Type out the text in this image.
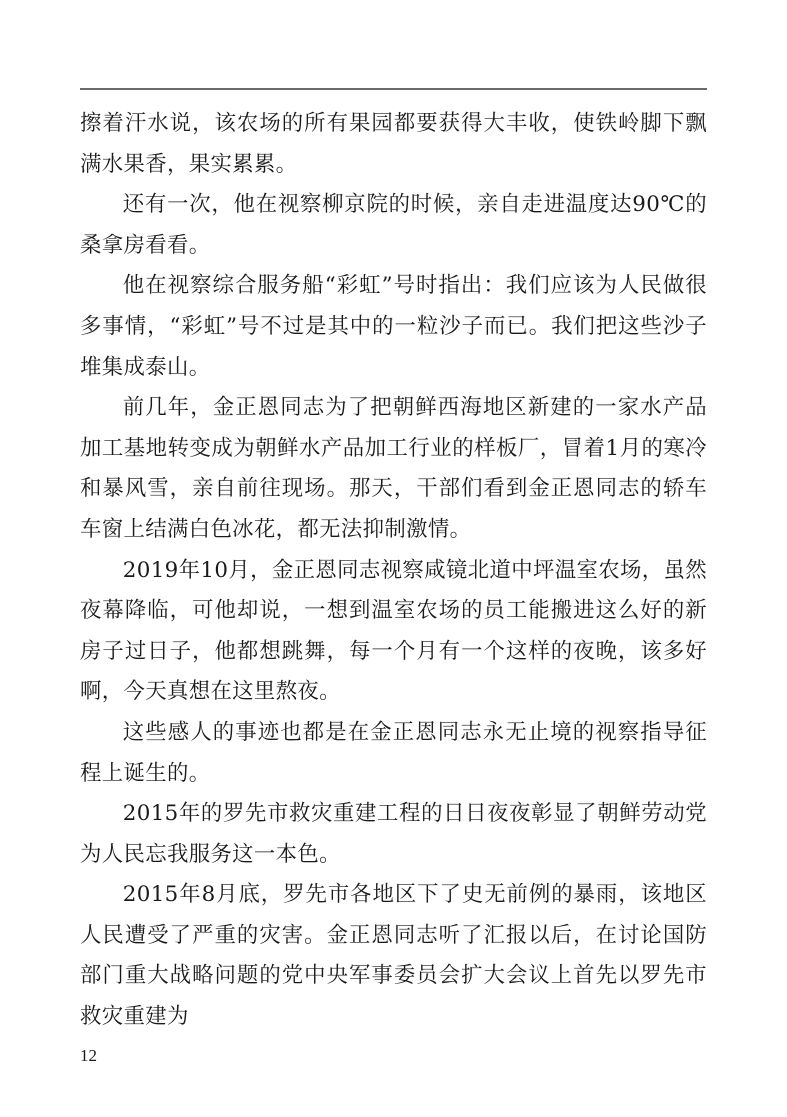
擦着汗水说，该农场的所有果园都要获得大丰收，使铁岭脚下飘满水果香，果实累累。

还有一次，他在视察柳京院的时候，亲自走进温度达90℃的桑拿房看看。

他在视察综合服务船“彩虹”号时指出：我们应该为人民做很多事情，“彩虹”号不过是其中的一粒沙子而已。我们把这些沙子堆集成泰山。

前几年，金正恩同志为了把朝鲜西海地区新建的一家水产品加工基地转变成为朝鲜水产品加工行业的样板厂，冒着1月的寒冷和暴风雪，亲自前往现场。那天，干部们看到金正恩同志的轿车车窗上结满白色冰花，都无法抑制激情。

2019年10月，金正恩同志视察咸镜北道中坪温室农场，虽然夜幕降临，可他却说，一想到温室农场的员工能搬进这么好的新房子过日子，他都想跳舞，每一个月有一个这样的夜晚，该多好啊，今天真想在这里熬夜。

这些感人的事迹也都是在金正恩同志永无止境的视察指导征程上诞生的。

2015年的罗先市救灾重建工程的日日夜夜彰显了朝鲜劳动党为人民忘我服务这一本色。

2015年8月底，罗先市各地区下了史无前例的暴雨，该地区人民遭受了严重的灾害。金正恩同志听了汇报以后，在讨论国防部门重大战略问题的党中央军事委员会扩大会议上首先以罗先市救灾重建为

12
